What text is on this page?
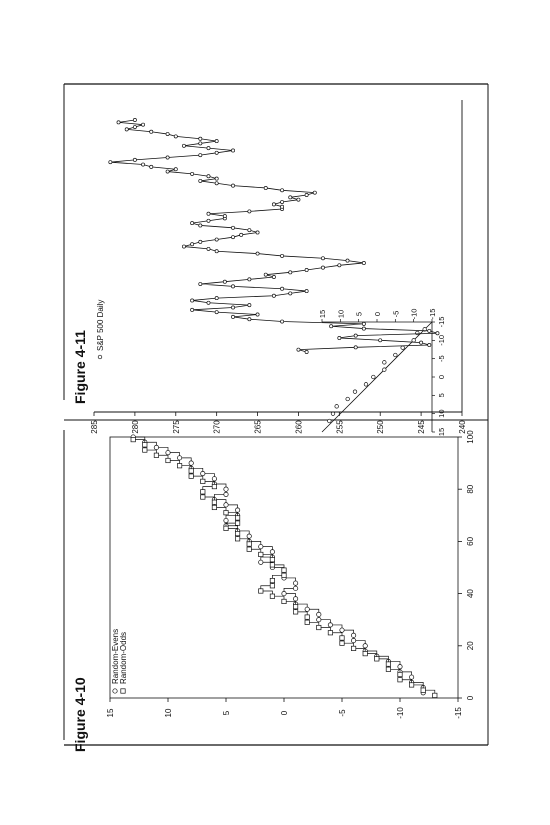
Figure 4-10
Figure 4-11
-15
-10
-5
0
5
10
15
0
20
40
60
80
100
Random-Evens Random-Odds
-15
-10
-5
0
5
10
15
-15
-10
-5
0
5
10
15
240
245
250
255
260
265
270
275
280
285
S&P 500 Daily
